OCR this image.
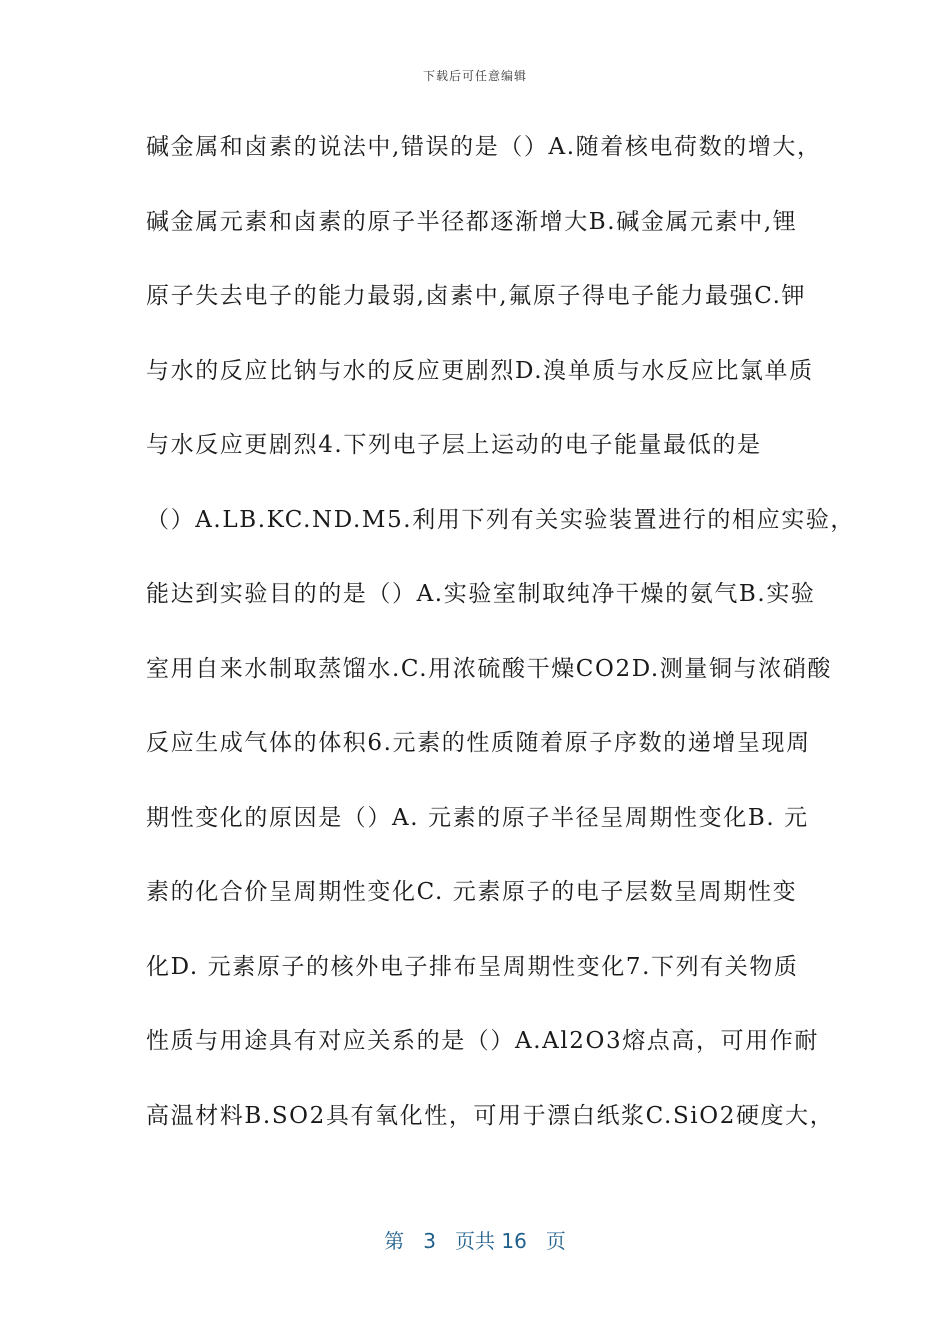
下载后可任意编辑
碱金属和卤素的说法中,错误的是（）A.随着核电荷数的增大，
碱金属元素和卤素的原子半径都逐渐增大B.碱金属元素中,锂
原子失去电子的能力最弱,卤素中,氟原子得电子能力最强C.钾
与水的反应比钠与水的反应更剧烈D.溴单质与水反应比氯单质
与水反应更剧烈4.下列电子层上运动的电子能量最低的是
（）A.LB.KC.ND.M5.利用下列有关实验装置进行的相应实验，
能达到实验目的的是（）A.实验室制取纯净干燥的氨气B.实验
室用自来水制取蒸馏水.C.用浓硫酸干燥CO2D.测量铜与浓硝酸
反应生成气体的体积6.元素的性质随着原子序数的递增呈现周
期性变化的原因是（）A. 元素的原子半径呈周期性变化B. 元
素的化合价呈周期性变化C. 元素原子的电子层数呈周期性变
化D. 元素原子的核外电子排布呈周期性变化7.下列有关物质
性质与用途具有对应关系的是（）A.Al2O3熔点高，可用作耐
高温材料B.SO2具有氧化性，可用于漂白纸浆C.SiO2硬度大，
第 3 页共 16 页
